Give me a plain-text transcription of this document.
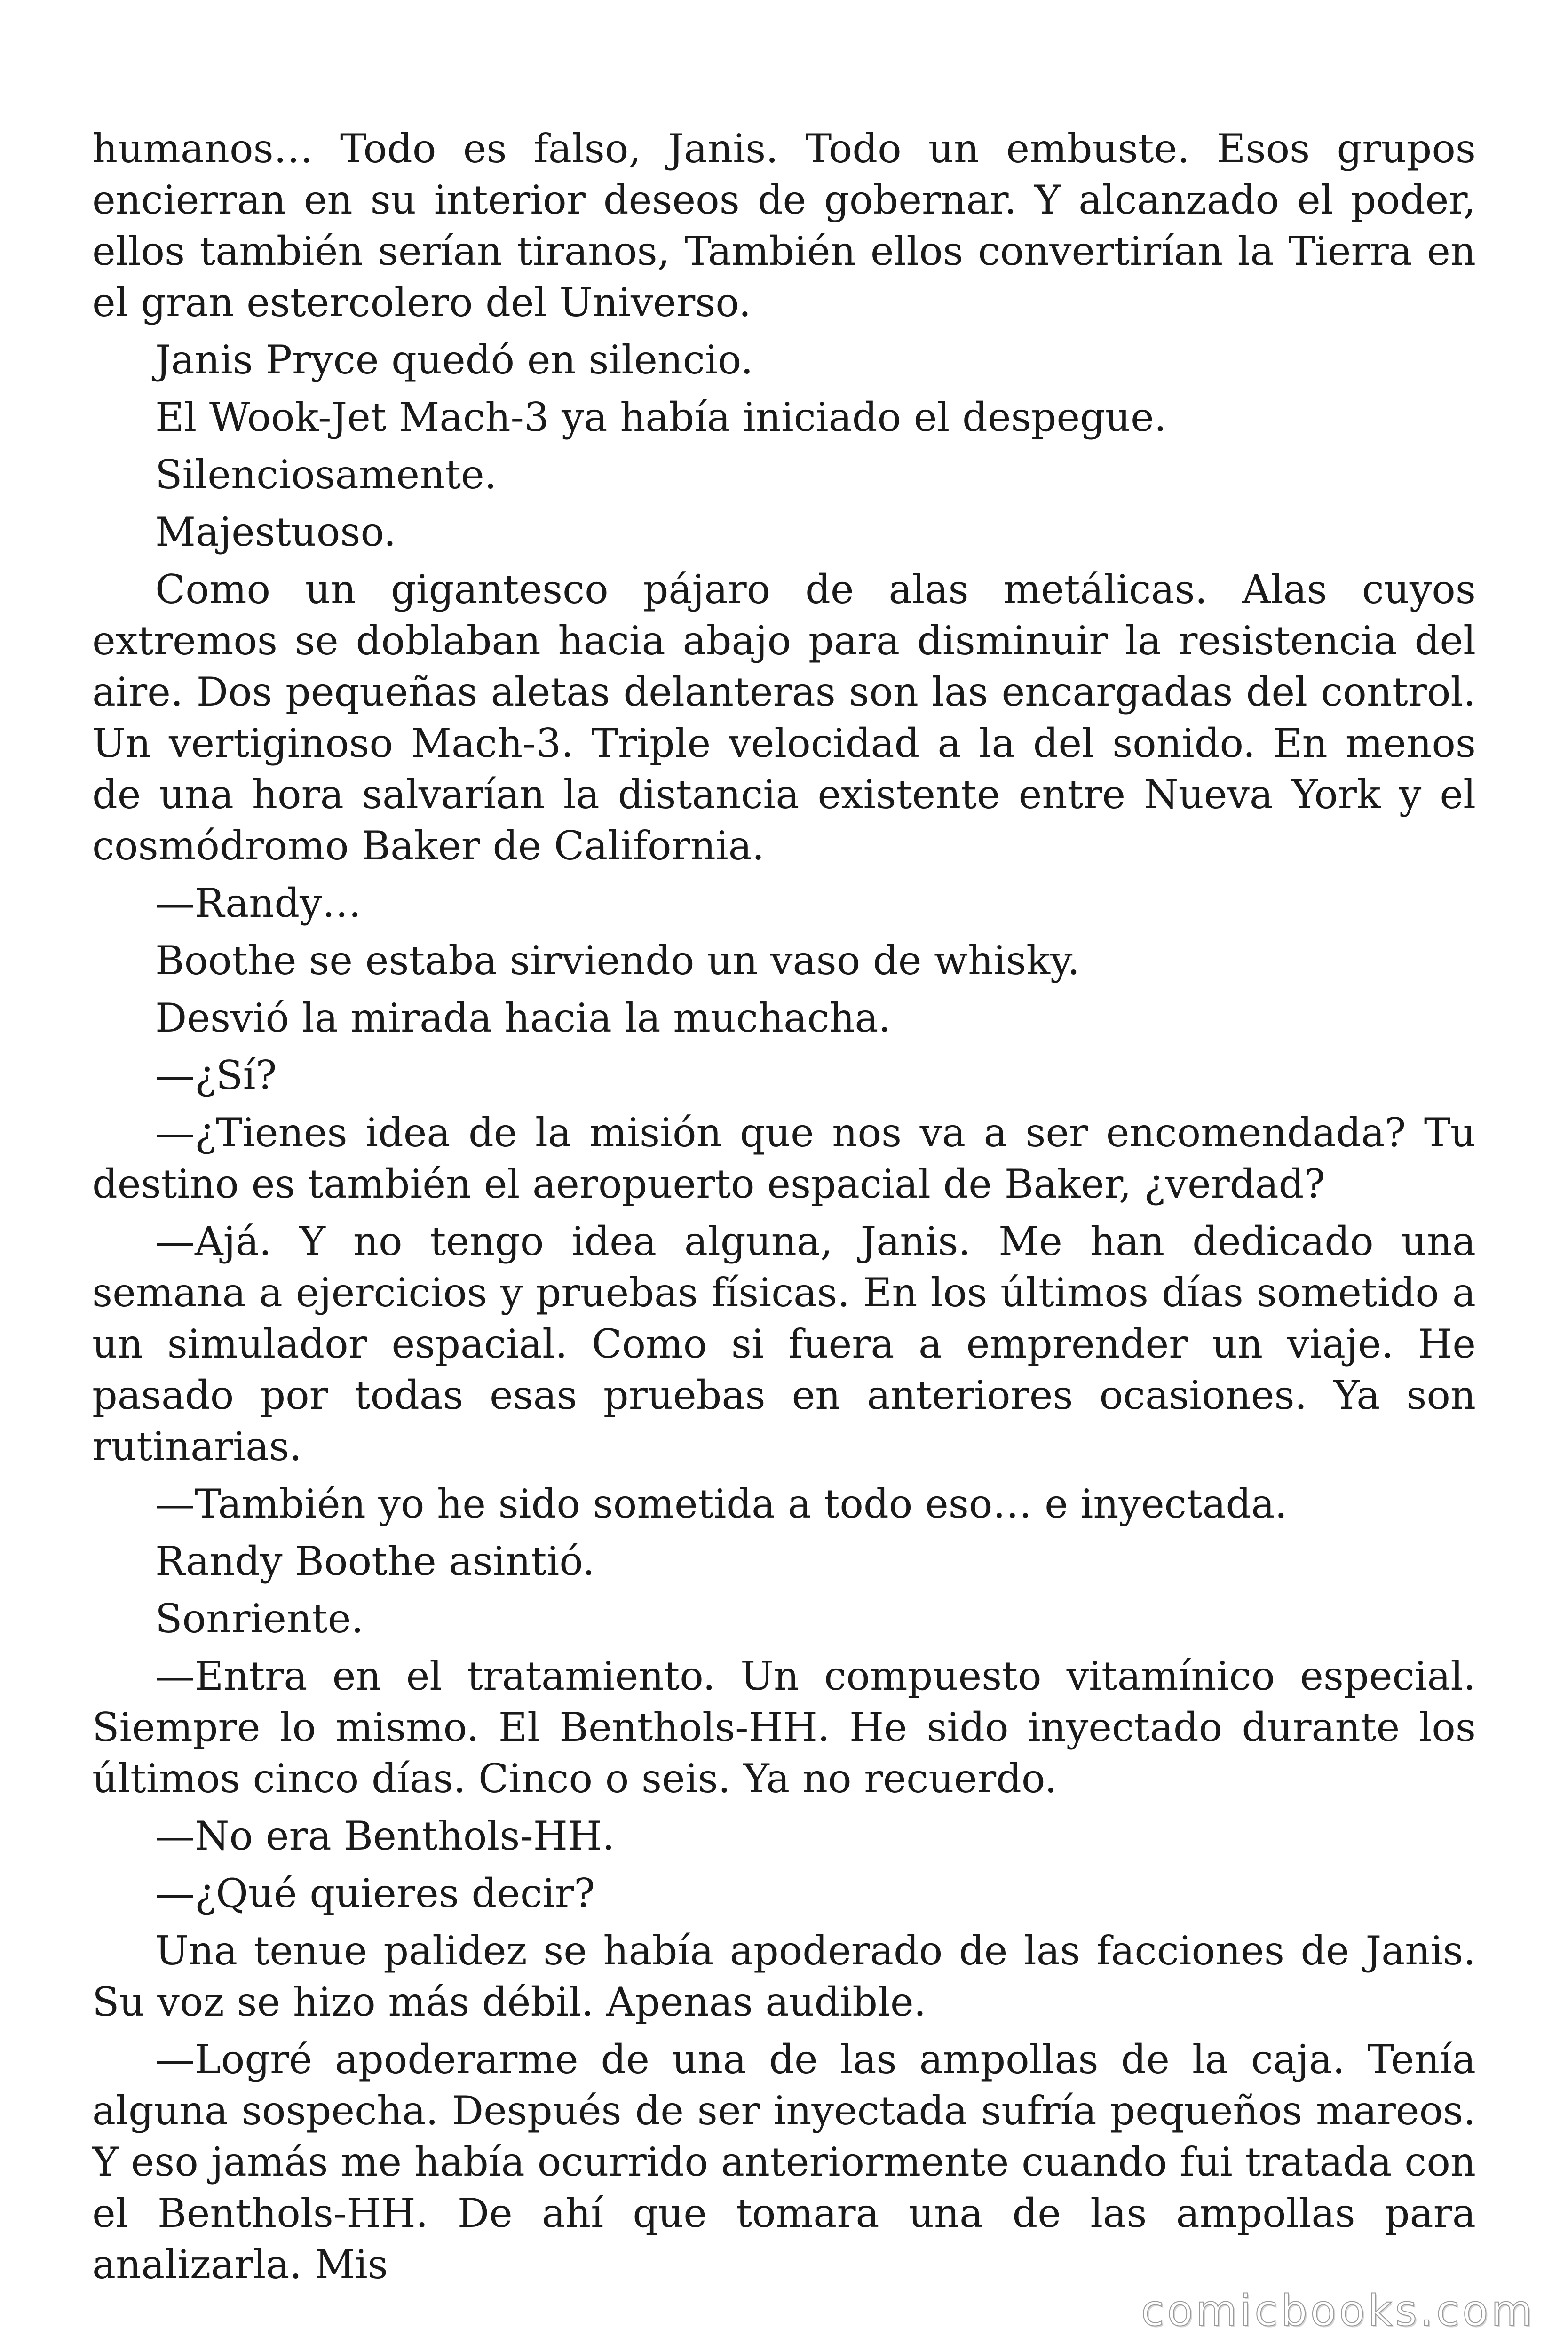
humanos… Todo es falso, Janis. Todo un embuste. Esos grupos encierran en su interior deseos de gobernar. Y alcanzado el poder, ellos también serían tiranos, También ellos convertirían la Tierra en el gran estercolero del Universo.

Janis Pryce quedó en silencio.

El Wook-Jet Mach-3 ya había iniciado el despegue.

Silenciosamente.

Majestuoso.

Como un gigantesco pájaro de alas metálicas. Alas cuyos extremos se doblaban hacia abajo para disminuir la resistencia del aire. Dos pequeñas aletas delanteras son las encargadas del control. Un vertiginoso Mach-3. Triple velocidad a la del sonido. En menos de una hora salvarían la distancia existente entre Nueva York y el cosmódromo Baker de California.

—Randy…

Boothe se estaba sirviendo un vaso de whisky.

Desvió la mirada hacia la muchacha.

—¿Sí?

—¿Tienes idea de la misión que nos va a ser encomendada? Tu destino es también el aeropuerto espacial de Baker, ¿verdad?

—Ajá. Y no tengo idea alguna, Janis. Me han dedicado una semana a ejercicios y pruebas físicas. En los últimos días sometido a un simulador espacial. Como si fuera a emprender un viaje. He pasado por todas esas pruebas en anteriores ocasiones. Ya son rutinarias.

—También yo he sido sometida a todo eso… e inyectada.

Randy Boothe asintió.

Sonriente.

—Entra en el tratamiento. Un compuesto vitamínico especial. Siempre lo mismo. El Benthols-HH. He sido inyectado durante los últimos cinco días. Cinco o seis. Ya no recuerdo.

—No era Benthols-HH.

—¿Qué quieres decir?

Una tenue palidez se había apoderado de las facciones de Janis. Su voz se hizo más débil. Apenas audible.

—Logré apoderarme de una de las ampollas de la caja. Tenía alguna sospecha. Después de ser inyectada sufría pequeños mareos. Y eso jamás me había ocurrido anteriormente cuando fui tratada con el Benthols-HH. De ahí que tomara una de las ampollas para analizarla. Mis

comicbooks.com
